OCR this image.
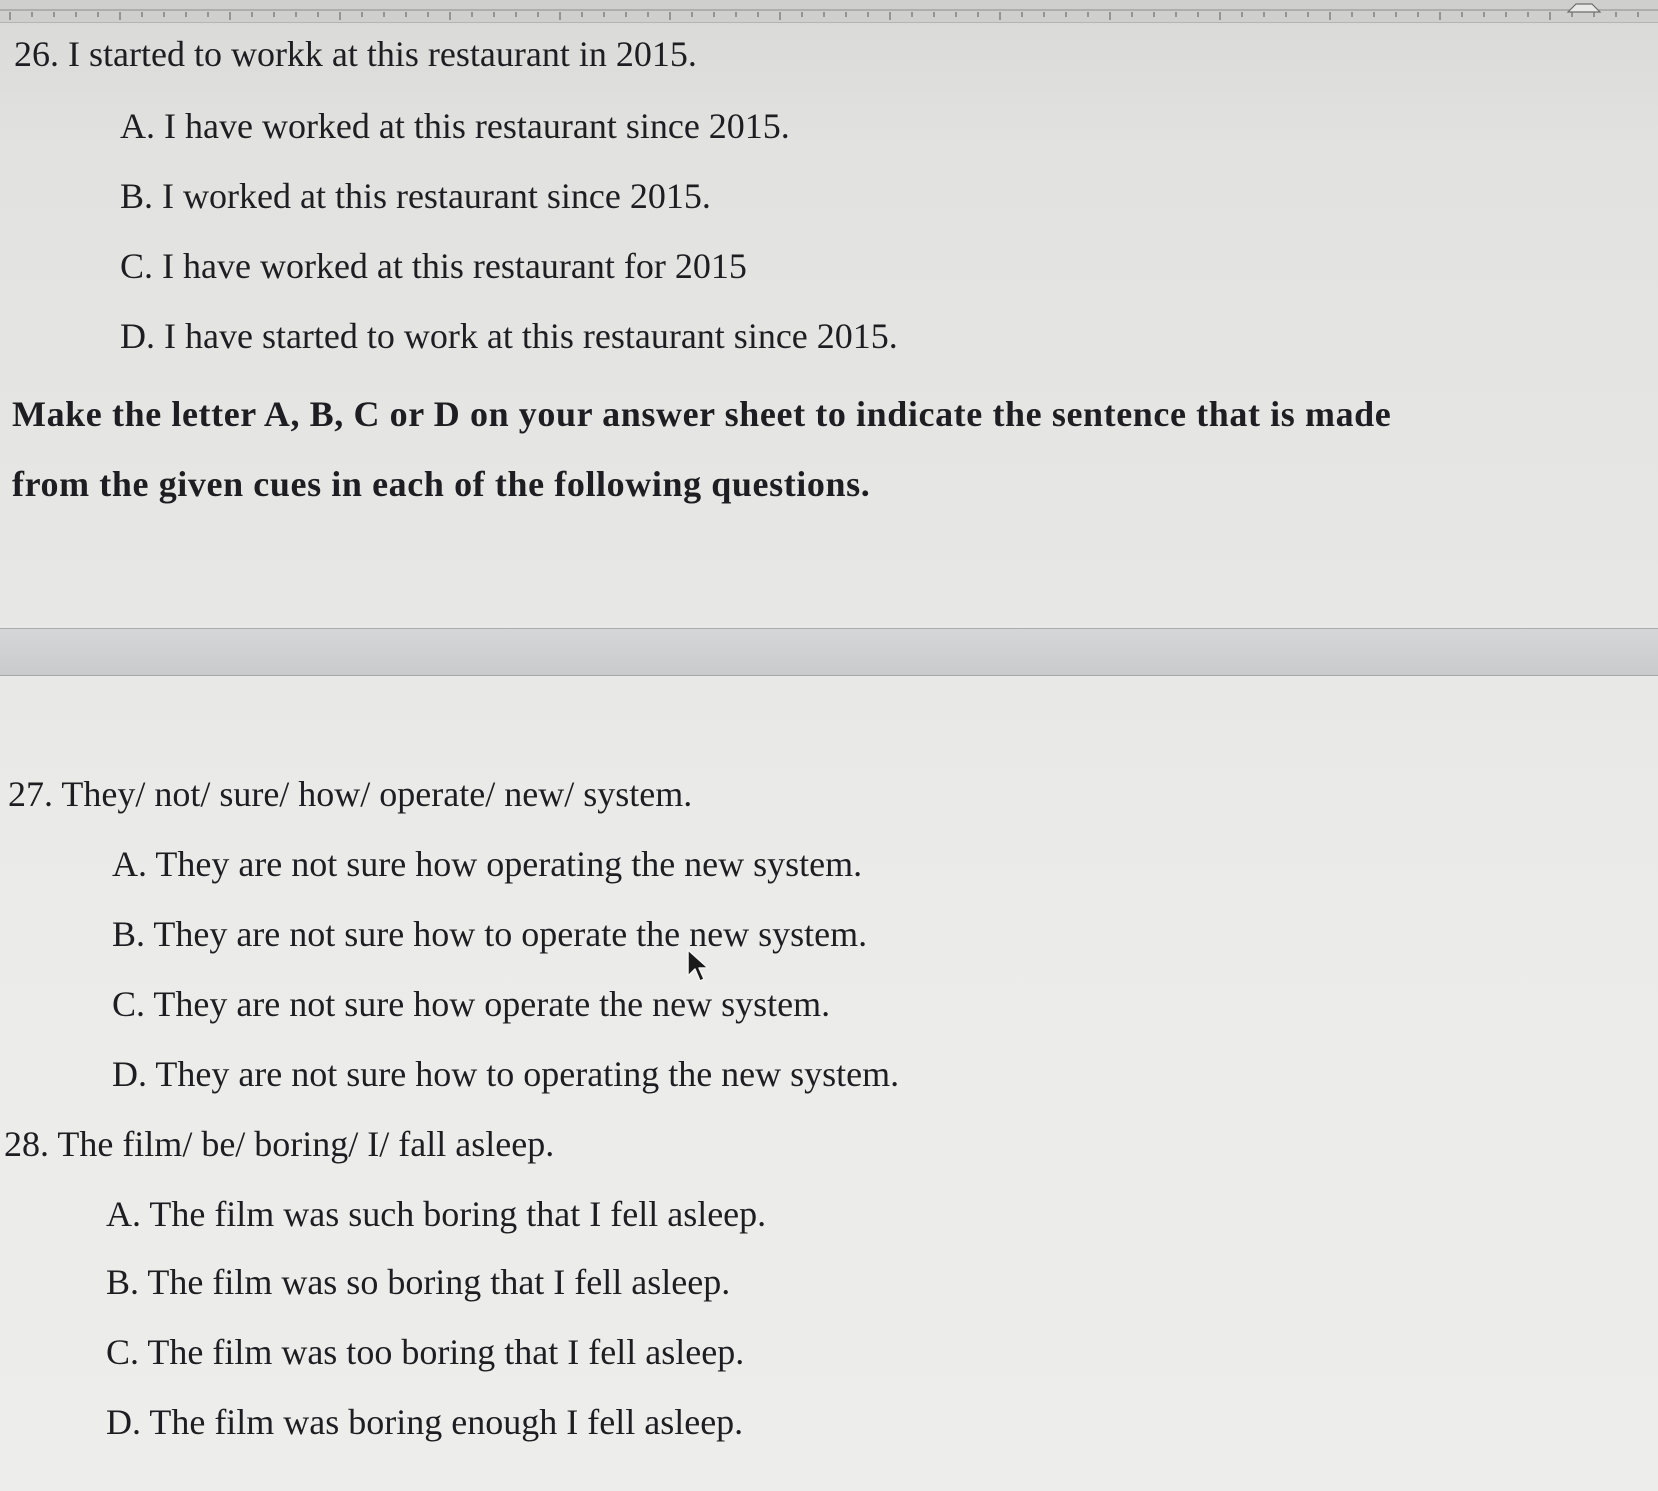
26. I started to workk at this restaurant in 2015.
A. I have worked at this restaurant since 2015.
B. I worked at this restaurant since 2015.
C. I have worked at this restaurant for 2015
D. I have started to work at this restaurant since 2015.
Make the letter A, B, C or D on your answer sheet to indicate the sentence that is made
from the given cues in each of the following questions.
27. They/ not/ sure/ how/ operate/ new/ system.
A. They are not sure how operating the new system.
B. They are not sure how to operate the new system.
C. They are not sure how operate the new system.
D. They are not sure how to operating the new system.
28. The film/ be/ boring/ I/ fall asleep.
A. The film was such boring that I fell asleep.
B. The film was so boring that I fell asleep.
C. The film was too boring that I fell asleep.
D. The film was boring enough I fell asleep.
